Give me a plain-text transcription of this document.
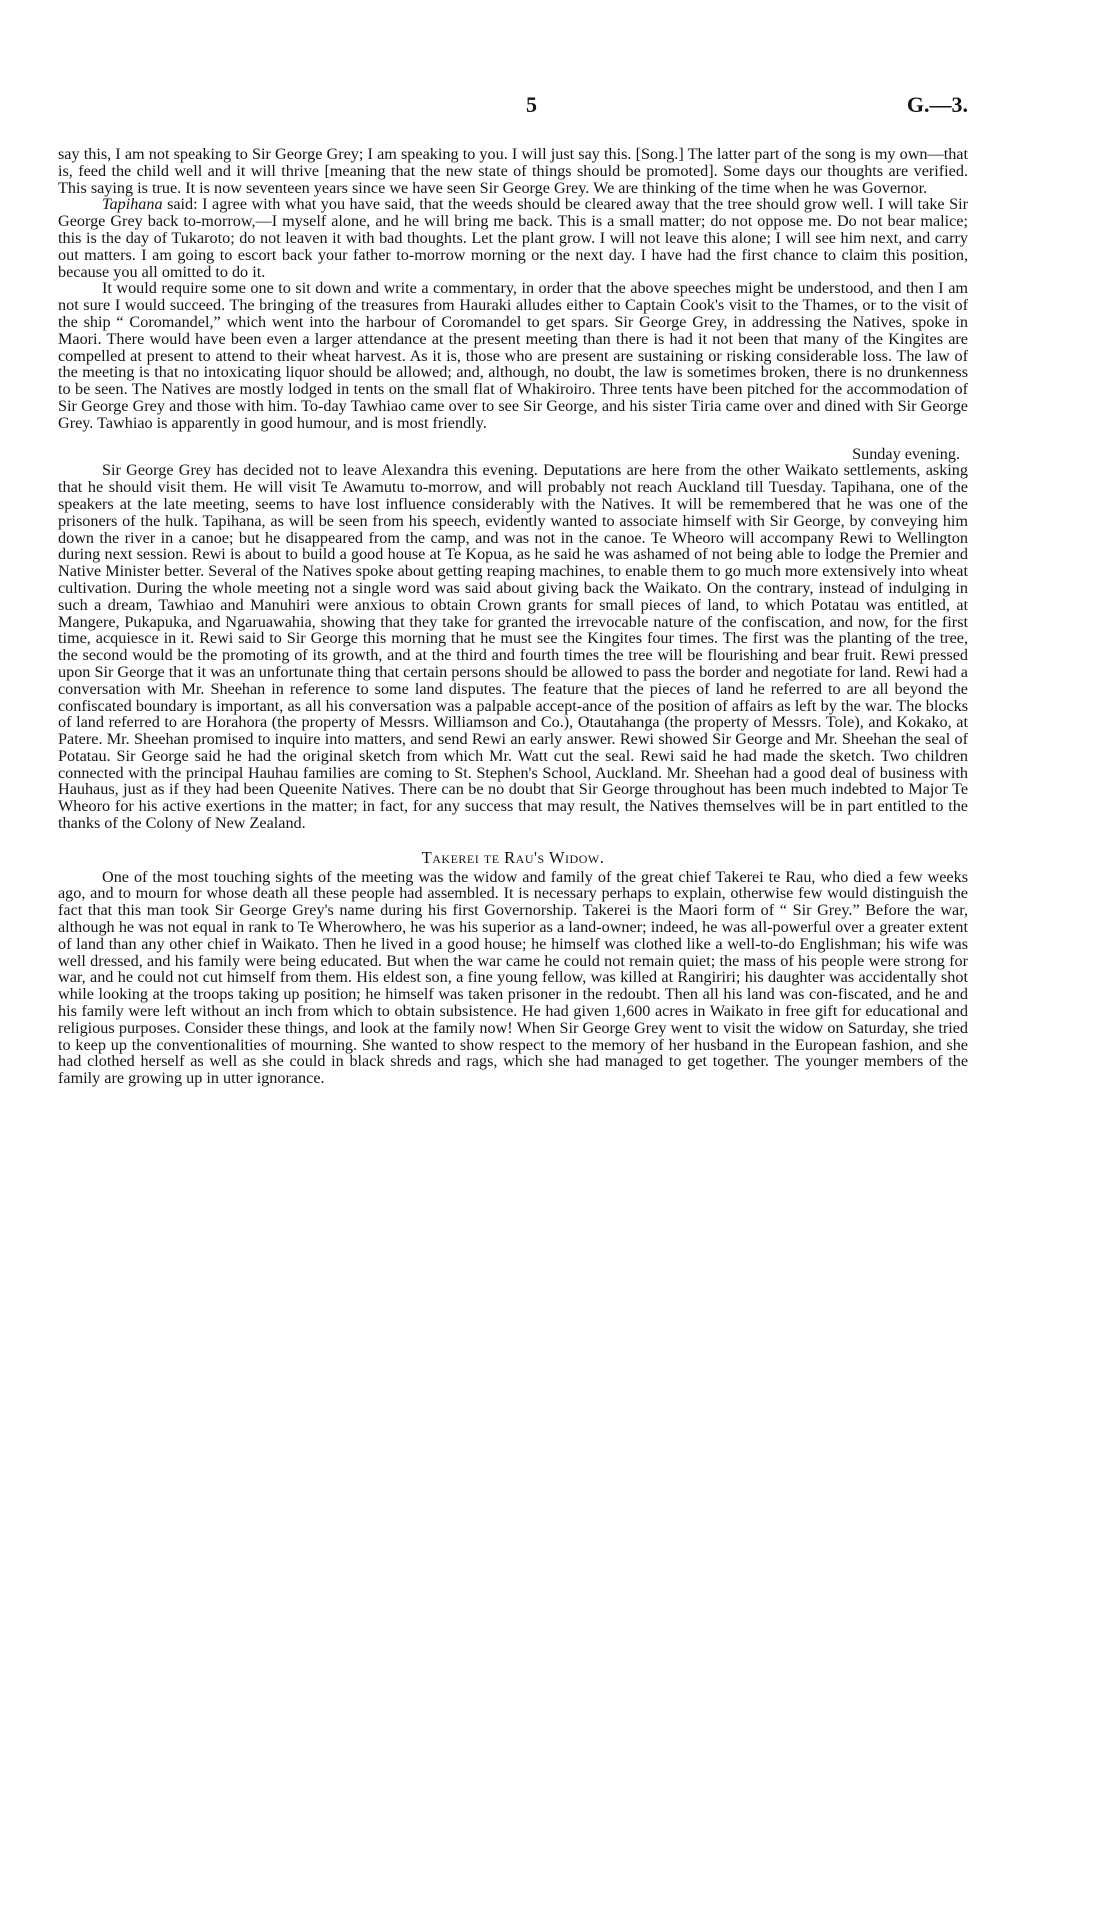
5	G.—3.

say this, I am not speaking to Sir George Grey; I am speaking to you. I will just say this. [Song.] The latter part of the song is my own—that is, feed the child well and it will thrive [meaning that the new state of things should be promoted]. Some days our thoughts are verified. This saying is true. It is now seventeen years since we have seen Sir George Grey. We are thinking of the time when he was Governor.

Tapihana said: I agree with what you have said, that the weeds should be cleared away that the tree should grow well. I will take Sir George Grey back to-morrow,—I myself alone, and he will bring me back. This is a small matter; do not oppose me. Do not bear malice; this is the day of Tukaroto; do not leaven it with bad thoughts. Let the plant grow. I will not leave this alone; I will see him next, and carry out matters. I am going to escort back your father to-morrow morning or the next day. I have had the first chance to claim this position, because you all omitted to do it.

It would require some one to sit down and write a commentary, in order that the above speeches might be understood, and then I am not sure I would succeed. The bringing of the treasures from Hauraki alludes either to Captain Cook's visit to the Thames, or to the visit of the ship “ Coromandel,” which went into the harbour of Coromandel to get spars. Sir George Grey, in addressing the Natives, spoke in Maori. There would have been even a larger attendance at the present meeting than there is had it not been that many of the Kingites are compelled at present to attend to their wheat harvest. As it is, those who are present are sustaining or risking considerable loss. The law of the meeting is that no intoxicating liquor should be allowed; and, although, no doubt, the law is sometimes broken, there is no drunkenness to be seen. The Natives are mostly lodged in tents on the small flat of Whakiroiro. Three tents have been pitched for the accommodation of Sir George Grey and those with him. To-day Tawhiao came over to see Sir George, and his sister Tiria came over and dined with Sir George Grey. Tawhiao is apparently in good humour, and is most friendly.

Sunday evening.

Sir George Grey has decided not to leave Alexandra this evening. Deputations are here from the other Waikato settlements, asking that he should visit them. He will visit Te Awamutu to-morrow, and will probably not reach Auckland till Tuesday. Tapihana, one of the speakers at the late meeting, seems to have lost influence considerably with the Natives. It will be remembered that he was one of the prisoners of the hulk. Tapihana, as will be seen from his speech, evidently wanted to associate himself with Sir George, by conveying him down the river in a canoe; but he disappeared from the camp, and was not in the canoe. Te Wheoro will accompany Rewi to Wellington during next session. Rewi is about to build a good house at Te Kopua, as he said he was ashamed of not being able to lodge the Premier and Native Minister better. Several of the Natives spoke about getting reaping machines, to enable them to go much more extensively into wheat cultivation. During the whole meeting not a single word was said about giving back the Waikato. On the contrary, instead of indulging in such a dream, Tawhiao and Manuhiri were anxious to obtain Crown grants for small pieces of land, to which Potatau was entitled, at Mangere, Pukapuka, and Ngaruawahia, showing that they take for granted the irrevocable nature of the confiscation, and now, for the first time, acquiesce in it. Rewi said to Sir George this morning that he must see the Kingites four times. The first was the planting of the tree, the second would be the promoting of its growth, and at the third and fourth times the tree will be flourishing and bear fruit. Rewi pressed upon Sir George that it was an unfortunate thing that certain persons should be allowed to pass the border and negotiate for land. Rewi had a conversation with Mr. Sheehan in reference to some land disputes. The feature that the pieces of land he referred to are all beyond the confiscated boundary is important, as all his conversation was a palpable accept-ance of the position of affairs as left by the war. The blocks of land referred to are Horahora (the property of Messrs. Williamson and Co.), Otautahanga (the property of Messrs. Tole), and Kokako, at Patere. Mr. Sheehan promised to inquire into matters, and send Rewi an early answer. Rewi showed Sir George and Mr. Sheehan the seal of Potatau. Sir George said he had the original sketch from which Mr. Watt cut the seal. Rewi said he had made the sketch. Two children connected with the principal Hauhau families are coming to St. Stephen's School, Auckland. Mr. Sheehan had a good deal of business with Hauhaus, just as if they had been Queenite Natives. There can be no doubt that Sir George throughout has been much indebted to Major Te Wheoro for his active exertions in the matter; in fact, for any success that may result, the Natives themselves will be in part entitled to the thanks of the Colony of New Zealand.

Takerei te Rau's Widow.

One of the most touching sights of the meeting was the widow and family of the great chief Takerei te Rau, who died a few weeks ago, and to mourn for whose death all these people had assembled. It is necessary perhaps to explain, otherwise few would distinguish the fact that this man took Sir George Grey's name during his first Governorship. Takerei is the Maori form of “ Sir Grey.” Before the war, although he was not equal in rank to Te Wherowhero, he was his superior as a land-owner; indeed, he was all-powerful over a greater extent of land than any other chief in Waikato. Then he lived in a good house; he himself was clothed like a well-to-do Englishman; his wife was well dressed, and his family were being educated. But when the war came he could not remain quiet; the mass of his people were strong for war, and he could not cut himself from them. His eldest son, a fine young fellow, was killed at Rangiriri; his daughter was accidentally shot while looking at the troops taking up position; he himself was taken prisoner in the redoubt. Then all his land was con-fiscated, and he and his family were left without an inch from which to obtain subsistence. He had given 1,600 acres in Waikato in free gift for educational and religious purposes. Consider these things, and look at the family now! When Sir George Grey went to visit the widow on Saturday, she tried to keep up the conventionalities of mourning. She wanted to show respect to the memory of her husband in the European fashion, and she had clothed herself as well as she could in black shreds and rags, which she had managed to get together. The younger members of the family are growing up in utter ignorance.
